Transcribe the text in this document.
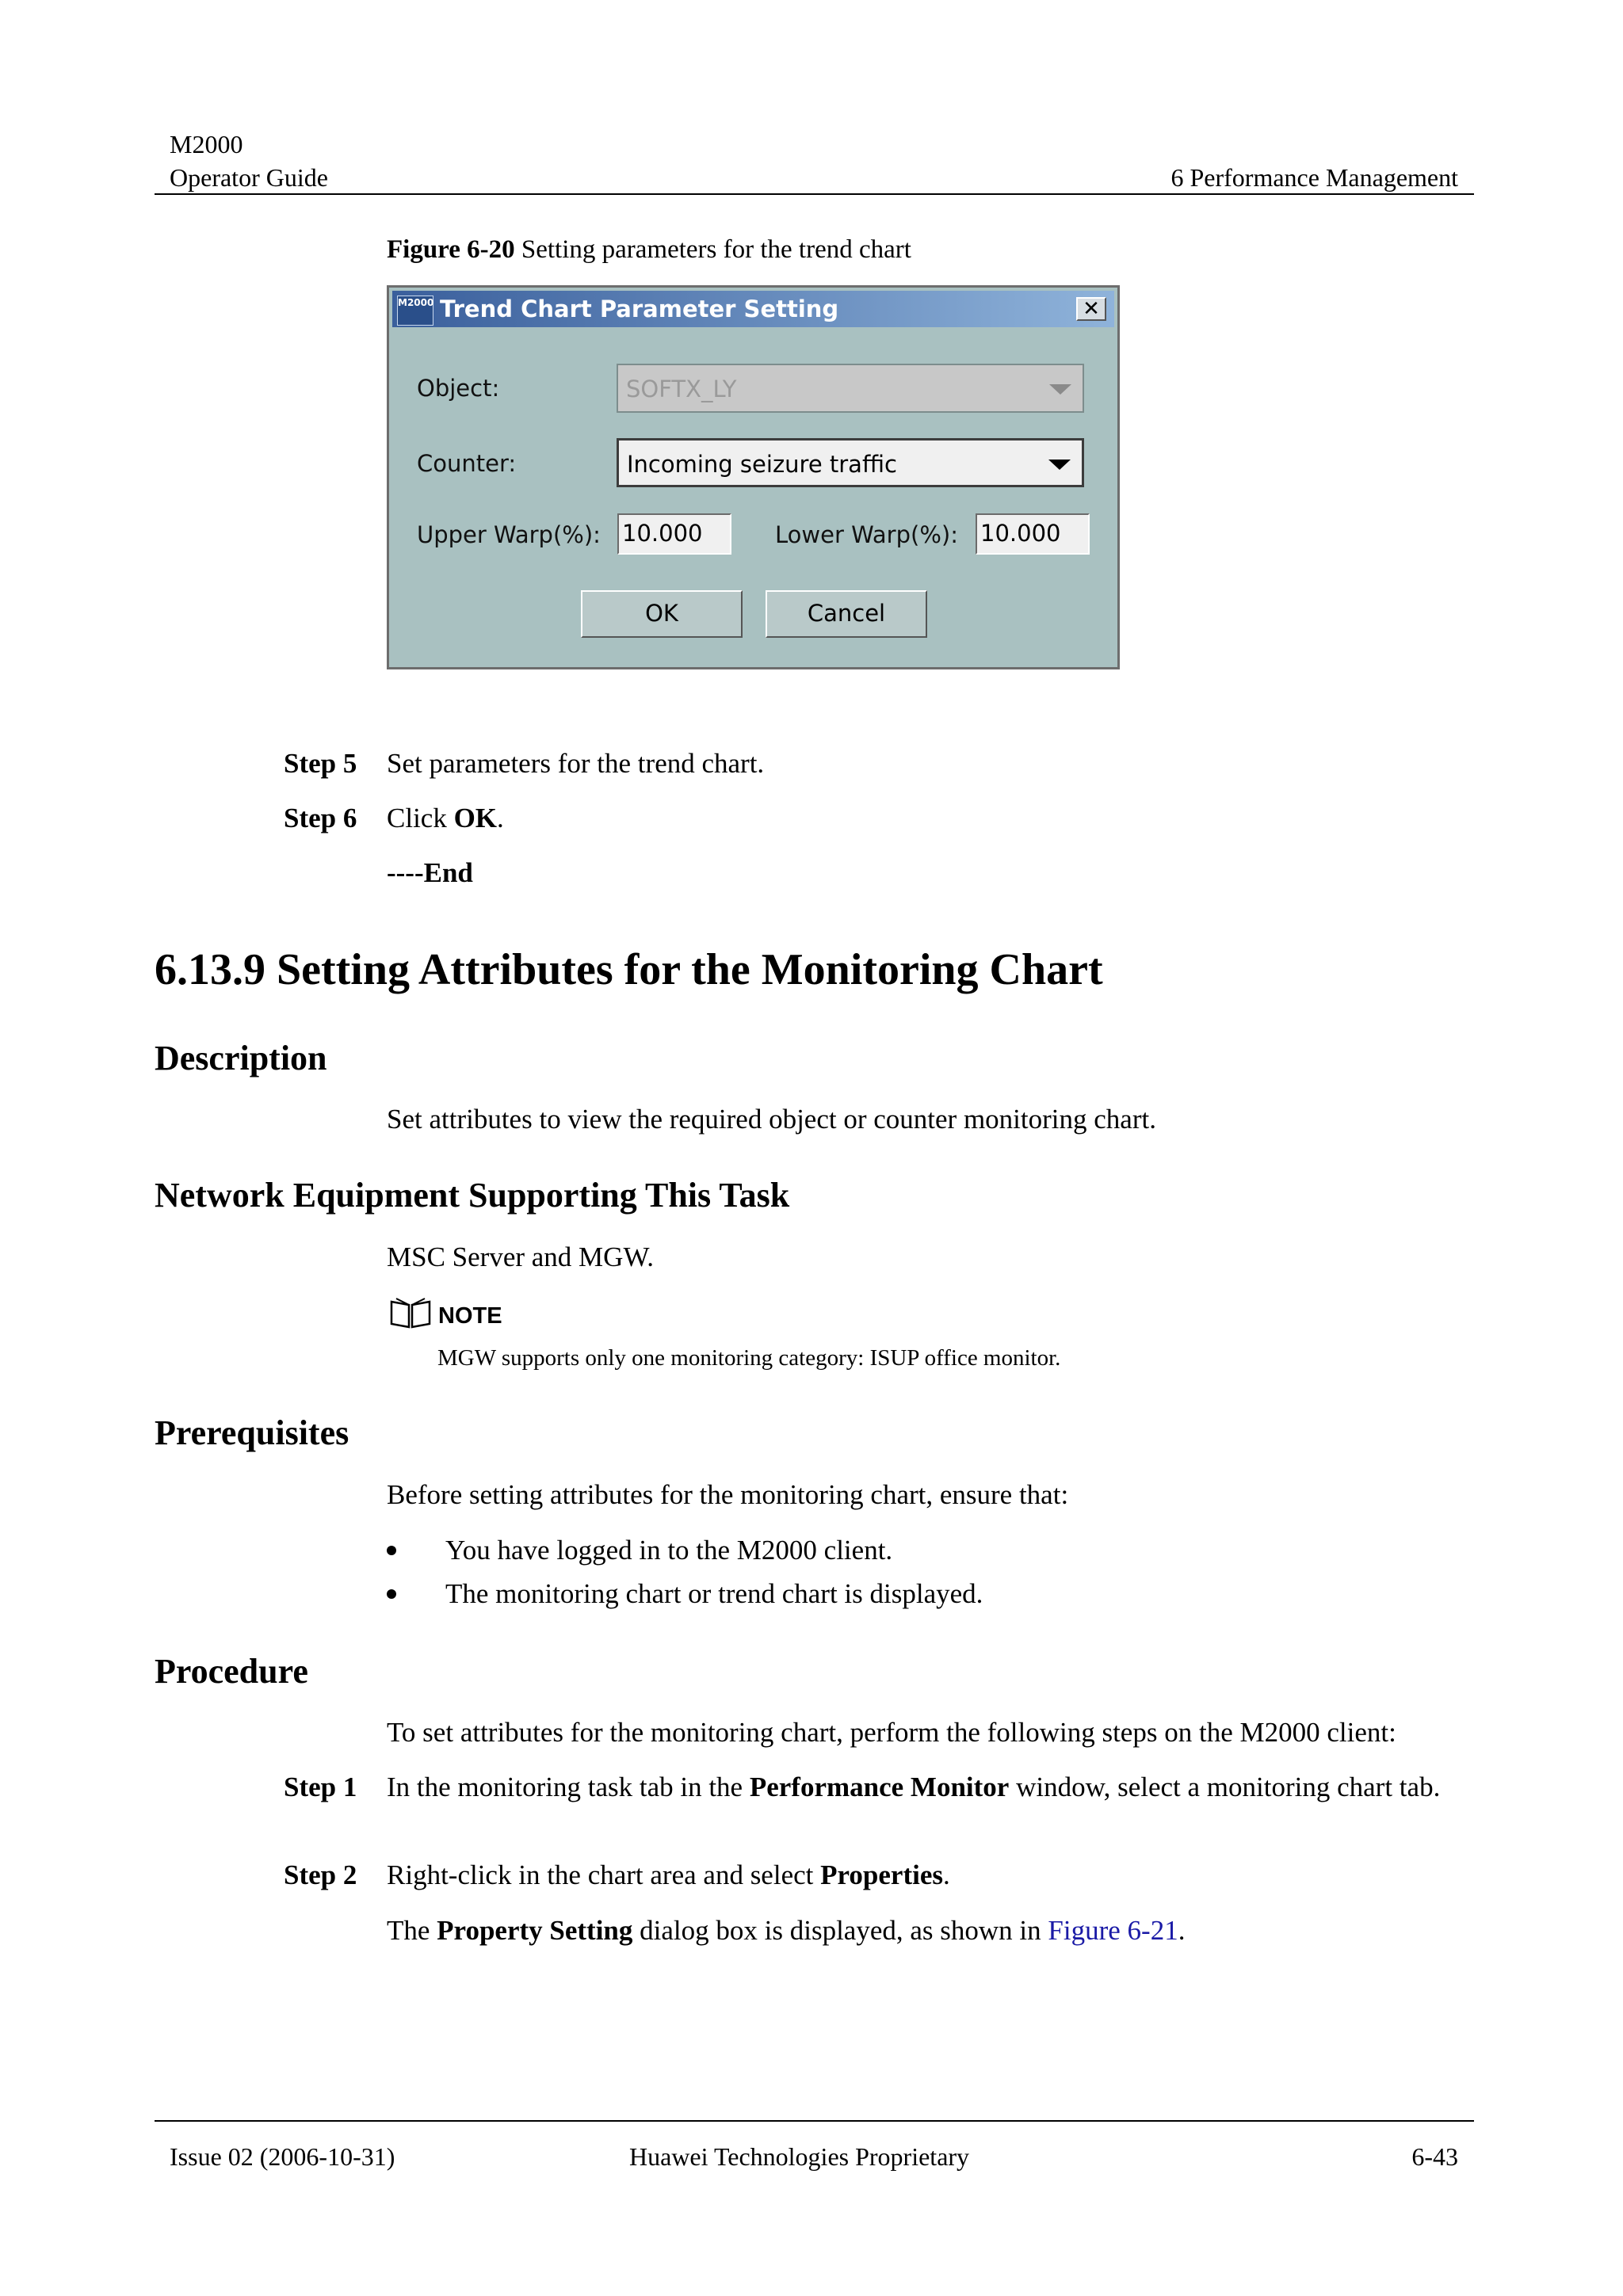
M2000
Operator Guide	6 Performance Management
Figure 6-20 Setting parameters for the trend chart
M2000 Trend Chart Parameter Setting	✕
Object:	SOFTX_LY
Counter:	Incoming seizure traffic
Upper Warp(%): 10.000	Lower Warp(%): 10.000
OK	Cancel
Step 5	Set parameters for the trend chart.
Step 6	Click OK.
----End
6.13.9 Setting Attributes for the Monitoring Chart
Description
Set attributes to view the required object or counter monitoring chart.
Network Equipment Supporting This Task
MSC Server and MGW.
NOTE
MGW supports only one monitoring category: ISUP office monitor.
Prerequisites
Before setting attributes for the monitoring chart, ensure that:
You have logged in to the M2000 client.
The monitoring chart or trend chart is displayed.
Procedure
To set attributes for the monitoring chart, perform the following steps on the M2000 client:
Step 1	In the monitoring task tab in the Performance Monitor window, select a monitoring chart tab.
Step 2	Right-click in the chart area and select Properties.
The Property Setting dialog box is displayed, as shown in Figure 6-21.
Issue 02 (2006-10-31)	Huawei Technologies Proprietary	6-43
